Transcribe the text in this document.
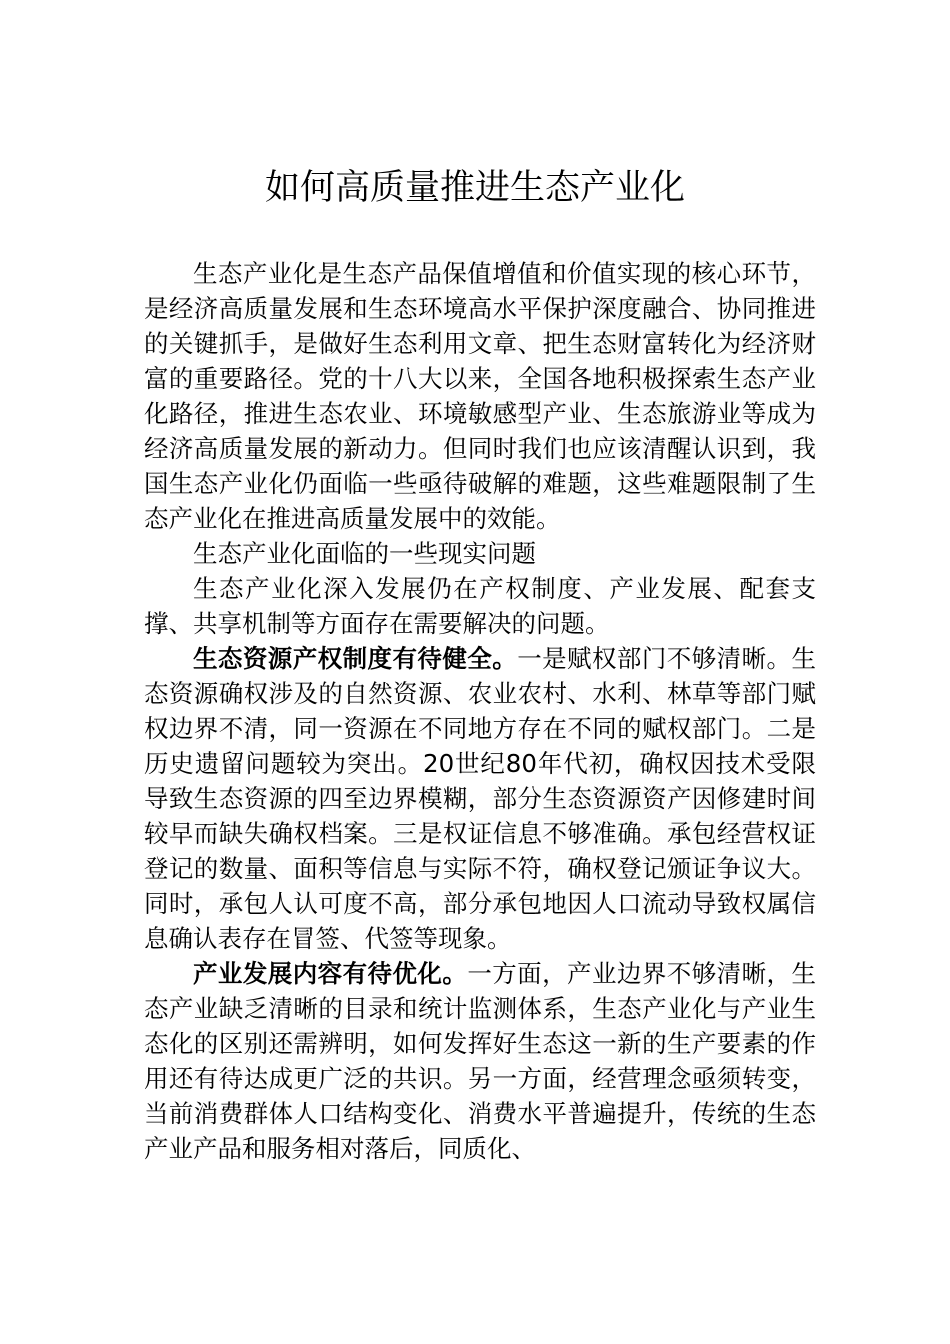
如何高质量推进生态产业化

生态产业化是生态产品保值增值和价值实现的核心环节，是经济高质量发展和生态环境高水平保护深度融合、协同推进的关键抓手，是做好生态利用文章、把生态财富转化为经济财富的重要路径。党的十八大以来，全国各地积极探索生态产业化路径，推进生态农业、环境敏感型产业、生态旅游业等成为经济高质量发展的新动力。但同时我们也应该清醒认识到，我国生态产业化仍面临一些亟待破解的难题，这些难题限制了生态产业化在推进高质量发展中的效能。

生态产业化面临的一些现实问题

生态产业化深入发展仍在产权制度、产业发展、配套支撑、共享机制等方面存在需要解决的问题。

生态资源产权制度有待健全。一是赋权部门不够清晰。生态资源确权涉及的自然资源、农业农村、水利、林草等部门赋权边界不清，同一资源在不同地方存在不同的赋权部门。二是历史遗留问题较为突出。20世纪80年代初，确权因技术受限导致生态资源的四至边界模糊，部分生态资源资产因修建时间较早而缺失确权档案。三是权证信息不够准确。承包经营权证登记的数量、面积等信息与实际不符，确权登记颁证争议大。同时，承包人认可度不高，部分承包地因人口流动导致权属信息确认表存在冒签、代签等现象。

产业发展内容有待优化。一方面，产业边界不够清晰，生态产业缺乏清晰的目录和统计监测体系，生态产业化与产业生态化的区别还需辨明，如何发挥好生态这一新的生产要素的作用还有待达成更广泛的共识。另一方面，经营理念亟须转变，当前消费群体人口结构变化、消费水平普遍提升，传统的生态产业产品和服务相对落后，同质化、
